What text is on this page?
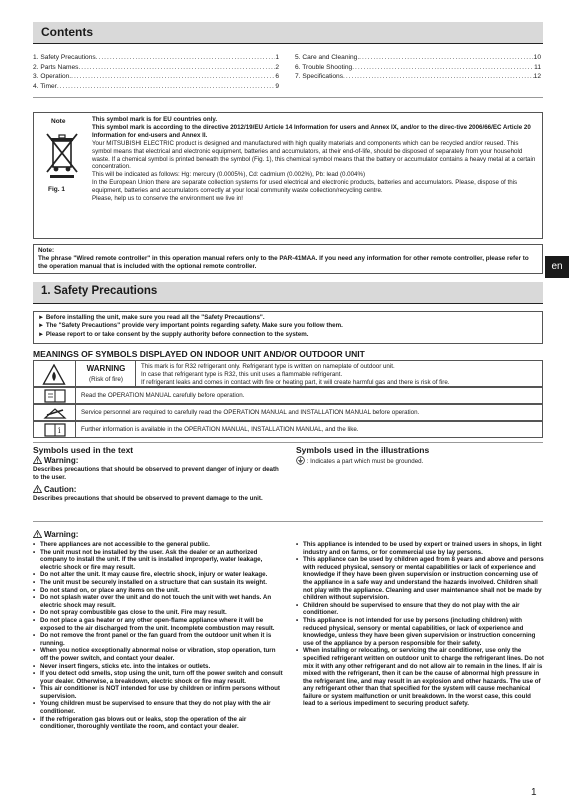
Contents
1. Safety Precautions .....	1
2. Parts Names .....	2
3. Operation. .....	6
4. Timer .....	9
5. Care and Cleaning. .....	10
6. Trouble Shooting .....	11
7. Specifications .....	12
Note
Fig. 1
This symbol mark is for EU countries only.
This symbol mark is according to the directive 2012/19/EU Article 14 Information for users and Annex IX, and/or to the direc-tive 2006/66/EC Article 20 Information for end-users and Annex II.
Your MITSUBISHI ELECTRIC product is designed and manufactured with high quality materials and components which can be recycled and/or reused. This symbol means that electrical and electronic equipment, batteries and accumulators, at their end-of-life, should be disposed of separately from your household waste. If a chemical symbol is printed beneath the symbol (Fig. 1), this chemical symbol means that the battery or accumulator contains a heavy metal at a certain concentration.
This will be indicated as follows: Hg: mercury (0.0005%), Cd: cadmium (0.002%), Pb: lead (0.004%)
In the European Union there are separate collection systems for used electrical and electronic products, batteries and accumulators. Please, dispose of this equipment, batteries and accumulators correctly at your local community waste collection/recycling centre.
Please, help us to conserve the environment we live in!
Note:
The phrase "Wired remote controller" in this operation manual refers only to the PAR-41MAA. If you need any information for other remote controller, please refer to the operation manual that is included with the optional remote controller.	en
1. Safety Precautions
► Before installing the unit, make sure you read all the "Safety Precautions".
► The "Safety Precautions" provide very important points regarding safety. Make sure you follow them.
► Please report to or take consent by the supply authority before connection to the system.
MEANINGS OF SYMBOLS DISPLAYED ON INDOOR UNIT AND/OR OUTDOOR UNIT
WARNING
(Risk of fire)
This mark is for R32 refrigerant only. Refrigerant type is written on nameplate of outdoor unit.
In case that refrigerant type is R32, this unit uses a flammable refrigerant.
If refrigerant leaks and comes in contact with fire or heating part, it will create harmful gas and there is risk of fire.
Read the OPERATION MANUAL carefully before operation.
Service personnel are required to carefully read the OPERATION MANUAL and INSTALLATION MANUAL before operation.
i	Further information is available in the OPERATION MANUAL, INSTALLATION MANUAL, and the like.
Symbols used in the text
Warning:
Describes precautions that should be observed to prevent danger of injury or death to the user.
Caution:
Describes precautions that should be observed to prevent damage to the unit.
Symbols used in the illustrations
: Indicates a part which must be grounded.
Warning:
• There appliances are not accessible to the general public.
• The unit must not be installed by the user. Ask the dealer or an authorized company to install the unit. If the unit is installed improperly, water leakage, electric shock or fire may result.
• Do not alter the unit. It may cause fire, electric shock, injury or water leakage.
• The unit must be securely installed on a structure that can sustain its weight.
• Do not stand on, or place any items on the unit.
• Do not splash water over the unit and do not touch the unit with wet hands. An electric shock may result.
• Do not spray combustible gas close to the unit. Fire may result.
• Do not place a gas heater or any other open-flame appliance where it will be exposed to the air discharged from the unit. Incomplete combustion may result.
• Do not remove the front panel or the fan guard from the outdoor unit when it is running.
• When you notice exceptionally abnormal noise or vibration, stop operation, turn off the power switch, and contact your dealer.
• Never insert fingers, sticks etc. into the intakes or outlets.
• If you detect odd smells, stop using the unit, turn off the power switch and consult your dealer. Otherwise, a breakdown, electric shock or fire may result.
• This air conditioner is NOT intended for use by children or infirm persons without supervision.
• Young children must be supervised to ensure that they do not play with the air conditioner.
• If the refrigeration gas blows out or leaks, stop the operation of the air conditioner, thoroughly ventilate the room, and contact your dealer.
• This appliance is intended to be used by expert or trained users in shops, in light industry and on farms, or for commercial use by lay persons.
• This appliance can be used by children aged from 8 years and above and persons with reduced physical, sensory or mental capabilities or lack of experience and knowledge if they have been given supervision or instruction concerning use of the appliance in a safe way and understand the hazards involved. Children shall not play with the appliance. Cleaning and user maintenance shall not be made by children without supervision.
• Children should be supervised to ensure that they do not play with the air conditioner.
• This appliance is not intended for use by persons (including children) with reduced physical, sensory or mental capabilities, or lack of experience and knowledge, unless they have been given supervision or instruction concerning use of the appliance by a person responsible for their safety.
• When installing or relocating, or servicing the air conditioner, use only the specified refrigerant written on outdoor unit to charge the refrigerant lines. Do not mix it with any other refrigerant and do not allow air to remain in the lines. If air is mixed with the refrigerant, then it can be the cause of abnormal high pressure in the refrigerant line, and may result in an explosion and other hazards. The use of any refrigerant other than that specified for the system will cause mechanical failure or system malfunction or unit breakdown. In the worst case, this could lead to a serious impediment to securing product safety.
1
